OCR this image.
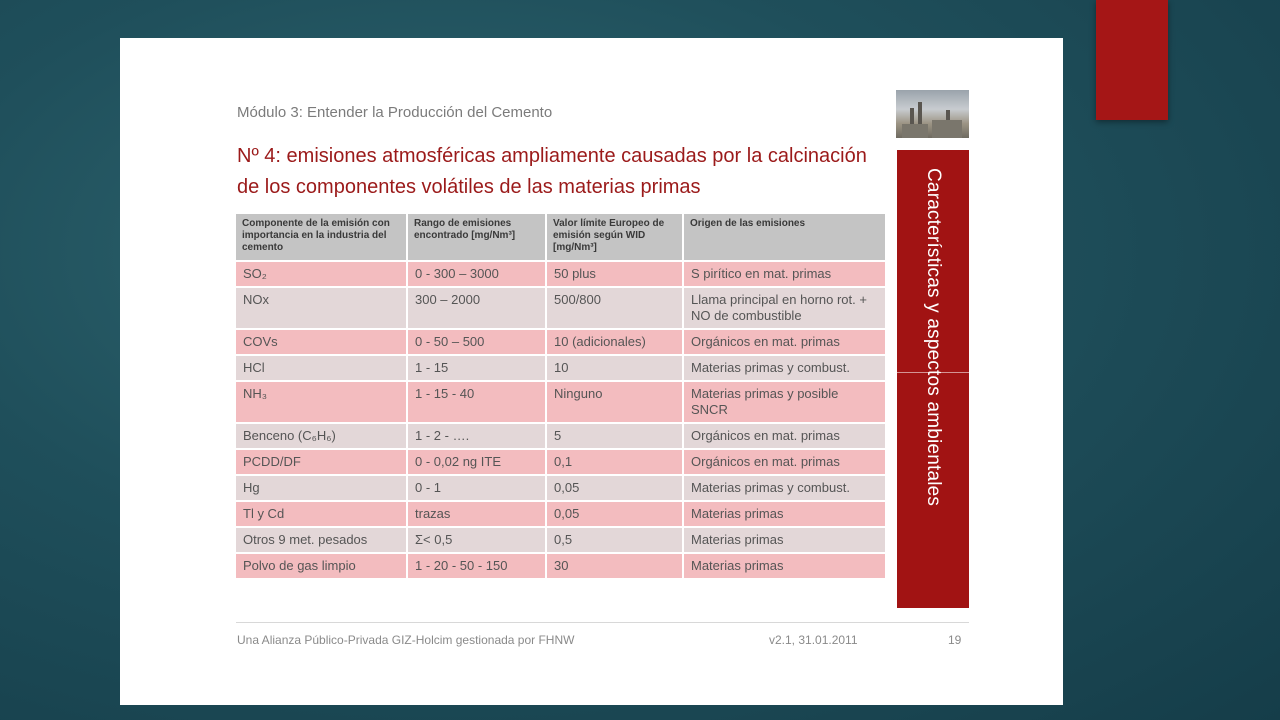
Módulo 3: Entender la Producción del Cemento
Nº 4: emisiones atmosféricas ampliamente causadas por la calcinación de los componentes volátiles de las materias primas	Características y aspectos ambientales
Componente de la emisión con importancia en la industria del cemento	Rango de emisiones encontrado [mg/Nm³]	Valor límite Europeo de emisión según WID [mg/Nm³]	Origen de las emisiones
SO₂	0 - 300 – 3000	50 plus	S pirítico en mat. primas
NOx	300 – 2000	500/800	Llama principal en horno rot. + NO de combustible
COVs	0 - 50 – 500	10 (adicionales)	Orgánicos en mat. primas
HCl	1 - 15	10	Materias primas y combust.
NH₃	1 - 15 - 40	Ninguno	Materias primas y posible SNCR
Benceno (C₆H₆)	1 - 2 - ….	5	Orgánicos en mat. primas
PCDD/DF	0 - 0,02 ng ITE	0,1	Orgánicos en mat. primas
Hg	0 - 1	0,05	Materias primas y combust.
Tl y Cd	trazas	0,05	Materias primas
Otros 9 met. pesados	Σ< 0,5	0,5	Materias primas
Polvo de gas limpio	1 - 20 - 50 - 150	30	Materias primas
Una Alianza Público-Privada GIZ-Holcim gestionada por FHNW	v2.1, 31.01.2011	19
